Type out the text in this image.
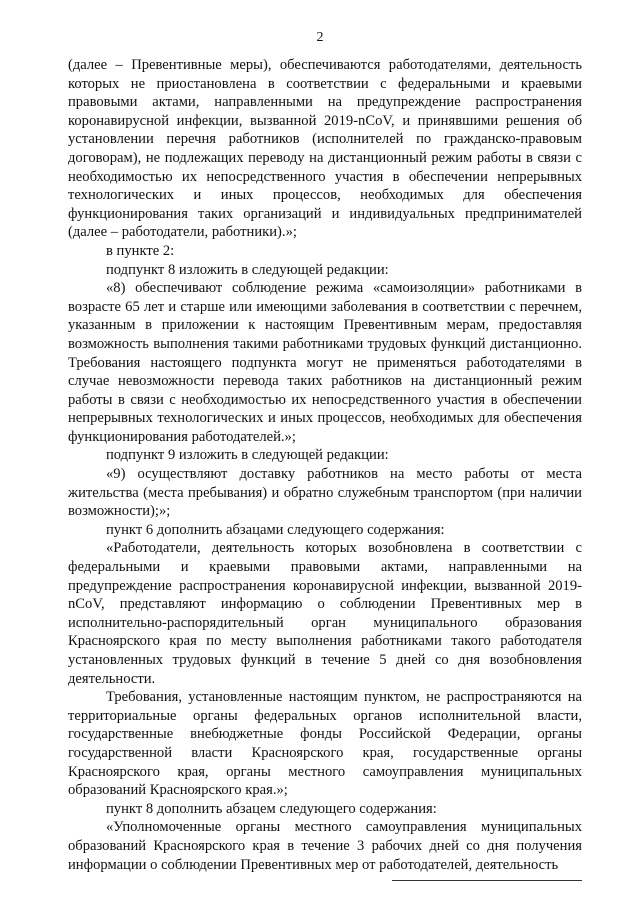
2

(далее – Превентивные меры), обеспечиваются работодателями, деятельность которых не приостановлена в соответствии с федеральными и краевыми правовыми актами, направленными на предупреждение распространения коронавирусной инфекции, вызванной 2019-nCoV, и принявшими решения об установлении перечня работников (исполнителей по гражданско-правовым договорам), не подлежащих переводу на дистанционный режим работы в связи с необходимостью их непосредственного участия в обеспечении непрерывных технологических и иных процессов, необходимых для обеспечения функционирования таких организаций и индивидуальных предпринимателей (далее – работодатели, работники).»;

в пункте 2:

подпункт 8 изложить в следующей редакции:

«8) обеспечивают соблюдение режима «самоизоляции» работниками в возрасте 65 лет и старше или имеющими заболевания в соответствии с перечнем, указанным в приложении к настоящим Превентивным мерам, предоставляя возможность выполнения такими работниками трудовых функций дистанционно. Требования настоящего подпункта могут не применяться работодателями в случае невозможности перевода таких работников на дистанционный режим работы в связи с необходимостью их непосредственного участия в обеспечении непрерывных технологических и иных процессов, необходимых для обеспечения функционирования работодателей.»;

подпункт 9 изложить в следующей редакции:

«9) осуществляют доставку работников на место работы от места жительства (места пребывания) и обратно служебным транспортом (при наличии возможности);»;

пункт 6 дополнить абзацами следующего содержания:

«Работодатели, деятельность которых возобновлена в соответствии с федеральными и краевыми правовыми актами, направленными на предупреждение распространения коронавирусной инфекции, вызванной 2019-nCoV, представляют информацию о соблюдении Превентивных мер в исполнительно-распорядительный орган муниципального образования Красноярского края по месту выполнения работниками такого работодателя установленных трудовых функций в течение 5 дней со дня возобновления деятельности.

Требования, установленные настоящим пунктом, не распространяются на территориальные органы федеральных органов исполнительной власти, государственные внебюджетные фонды Российской Федерации, органы государственной власти Красноярского края, государственные органы Красноярского края, органы местного самоуправления муниципальных образований Красноярского края.»;

пункт 8 дополнить абзацем следующего содержания:

«Уполномоченные органы местного самоуправления муниципальных образований Красноярского края в течение 3 рабочих дней со дня получения информации о соблюдении Превентивных мер от работодателей, деятельность
